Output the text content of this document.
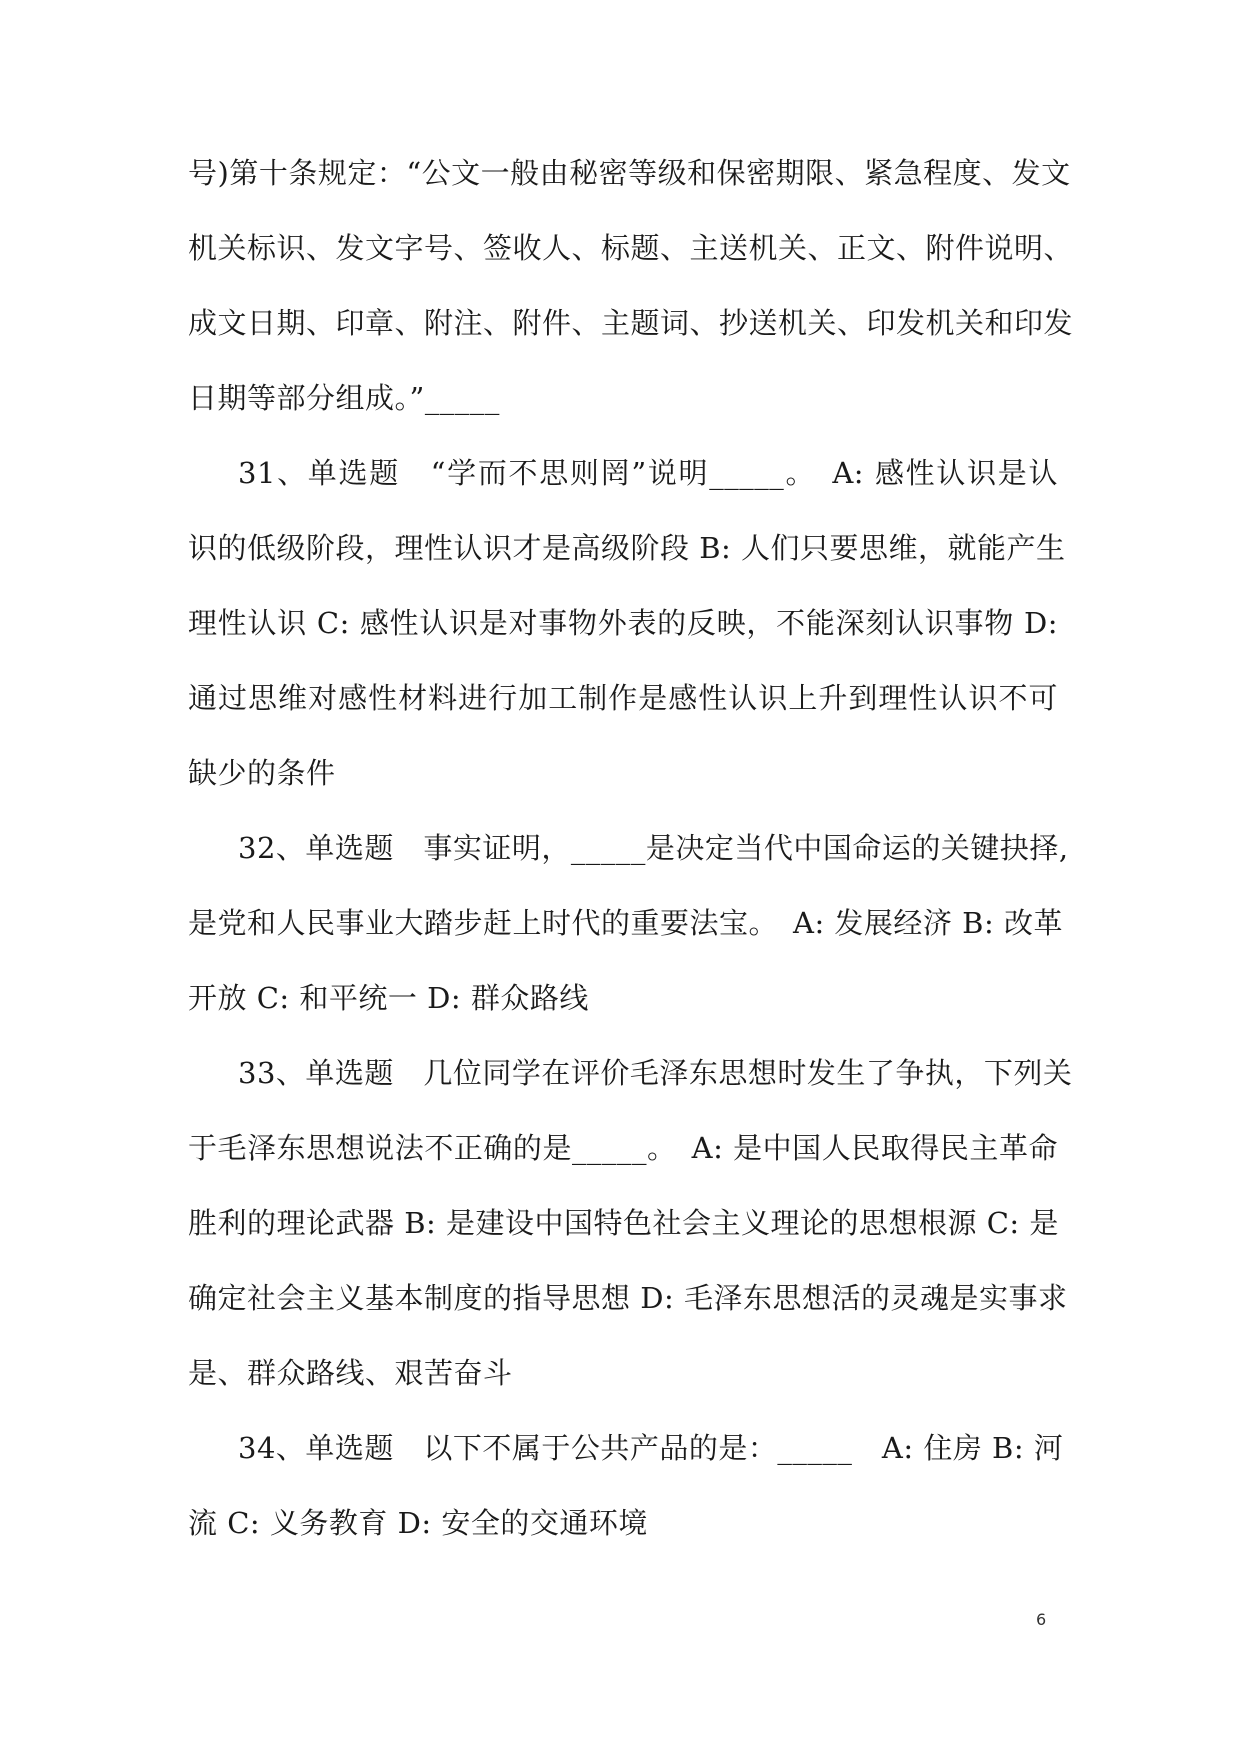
号)第十条规定：“公文一般由秘密等级和保密期限、紧急程度、发文
机关标识、发文字号、签收人、标题、主送机关、正文、附件说明、
成文日期、印章、附注、附件、主题词、抄送机关、印发机关和印发
日期等部分组成。”_____
31、单选题　“学而不思则罔”说明_____。　A: 感性认识是认
识的低级阶段，理性认识才是高级阶段 B: 人们只要思维，就能产生
理性认识 C: 感性认识是对事物外表的反映，不能深刻认识事物 D:
通过思维对感性材料进行加工制作是感性认识上升到理性认识不可
缺少的条件
32、单选题　事实证明，_____是决定当代中国命运的关键抉择,
是党和人民事业大踏步赶上时代的重要法宝。　A: 发展经济 B: 改革
开放 C: 和平统一 D: 群众路线
33、单选题　几位同学在评价毛泽东思想时发生了争执，下列关
于毛泽东思想说法不正确的是_____。　A: 是中国人民取得民主革命
胜利的理论武器 B: 是建设中国特色社会主义理论的思想根源 C: 是
确定社会主义基本制度的指导思想 D: 毛泽东思想活的灵魂是实事求
是、群众路线、艰苦奋斗
34、单选题　以下不属于公共产品的是：_____　A: 住房 B: 河
流 C: 义务教育 D: 安全的交通环境
6
